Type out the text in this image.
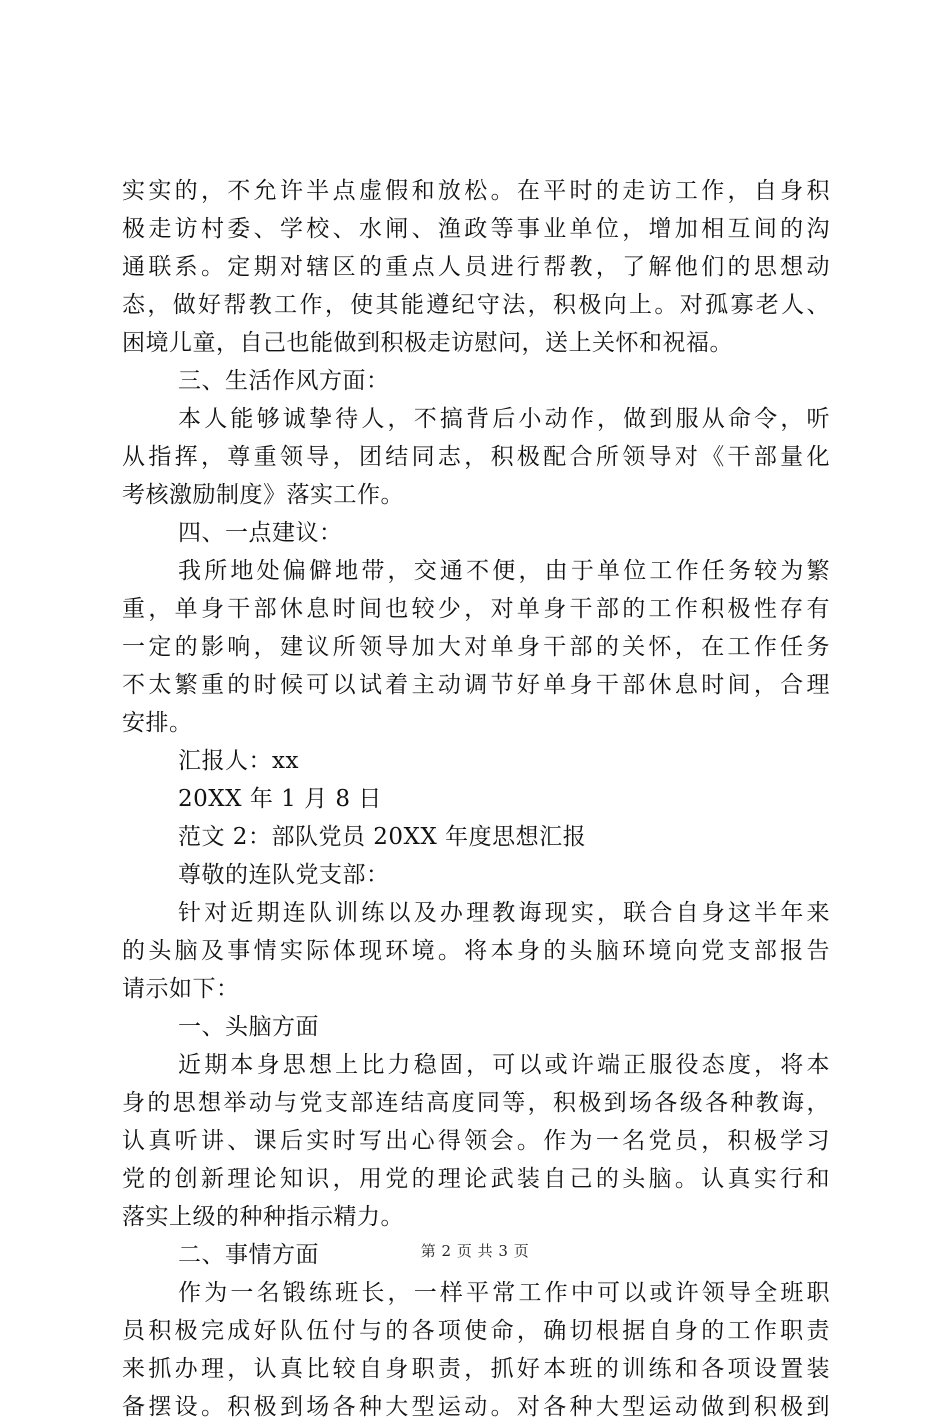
实实的，不允许半点虚假和放松。在平时的走访工作，自身积
极走访村委、学校、水闸、渔政等事业单位，增加相互间的沟
通联系。定期对辖区的重点人员进行帮教，了解他们的思想动
态，做好帮教工作，使其能遵纪守法，积极向上。对孤寡老人、
困境儿童，自己也能做到积极走访慰问，送上关怀和祝福。
三、生活作风方面：
本人能够诚挚待人，不搞背后小动作，做到服从命令，听
从指挥，尊重领导，团结同志，积极配合所领导对《干部量化
考核激励制度》落实工作。
四、一点建议：
我所地处偏僻地带，交通不便，由于单位工作任务较为繁
重，单身干部休息时间也较少，对单身干部的工作积极性存有
一定的影响，建议所领导加大对单身干部的关怀，在工作任务
不太繁重的时候可以试着主动调节好单身干部休息时间，合理
安排。
汇报人：xx
20XX 年 1 月 8 日
范文 2：部队党员 20XX 年度思想汇报
尊敬的连队党支部：
针对近期连队训练以及办理教诲现实，联合自身这半年来
的头脑及事情实际体现环境。将本身的头脑环境向党支部报告
请示如下：
一、头脑方面
近期本身思想上比力稳固，可以或许端正服役态度，将本
身的思想举动与党支部连结高度同等，积极到场各级各种教诲，
认真听讲、课后实时写出心得领会。作为一名党员，积极学习
党的创新理论知识，用党的理论武装自己的头脑。认真实行和
落实上级的种种指示精力。
二、事情方面
作为一名锻练班长，一样平常工作中可以或许领导全班职
员积极完成好队伍付与的各项使命，确切根据自身的工作职责
来抓办理，认真比较自身职责，抓好本班的训练和各项设置装
备摆设。积极到场各种大型运动。对各种大型运动做到积极到
第 2 页 共 3 页
